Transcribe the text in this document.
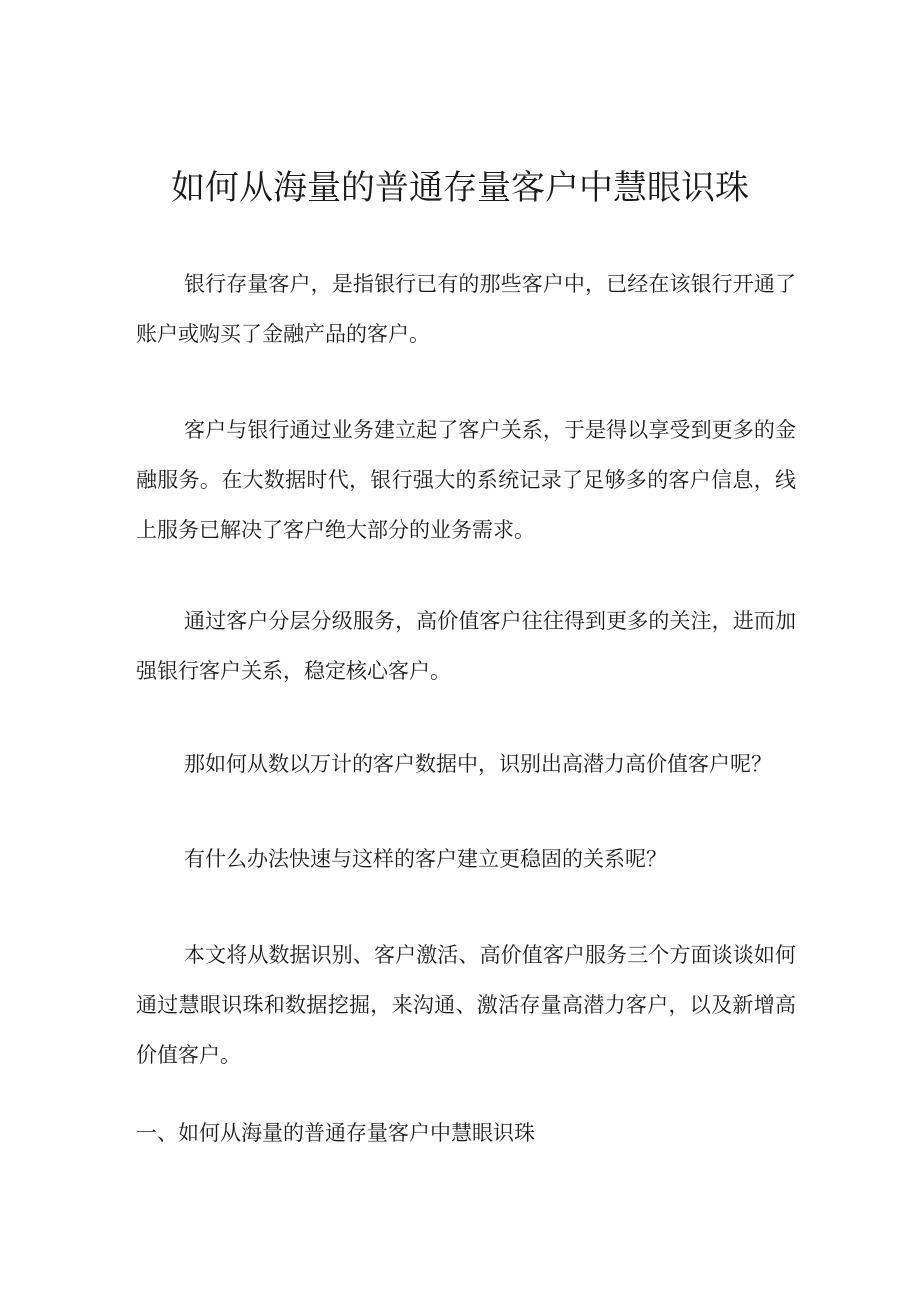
如何从海量的普通存量客户中慧眼识珠
银行存量客户，是指银行已有的那些客户中，已经在该银行开通了账户或购买了金融产品的客户。
客户与银行通过业务建立起了客户关系，于是得以享受到更多的金融服务。在大数据时代，银行强大的系统记录了足够多的客户信息，线上服务已解决了客户绝大部分的业务需求。
通过客户分层分级服务，高价值客户往往得到更多的关注，进而加强银行客户关系，稳定核心客户。
那如何从数以万计的客户数据中，识别出高潜力高价值客户呢？
有什么办法快速与这样的客户建立更稳固的关系呢？
本文将从数据识别、客户激活、高价值客户服务三个方面谈谈如何通过慧眼识珠和数据挖掘，来沟通、激活存量高潜力客户，以及新增高价值客户。
一、如何从海量的普通存量客户中慧眼识珠
